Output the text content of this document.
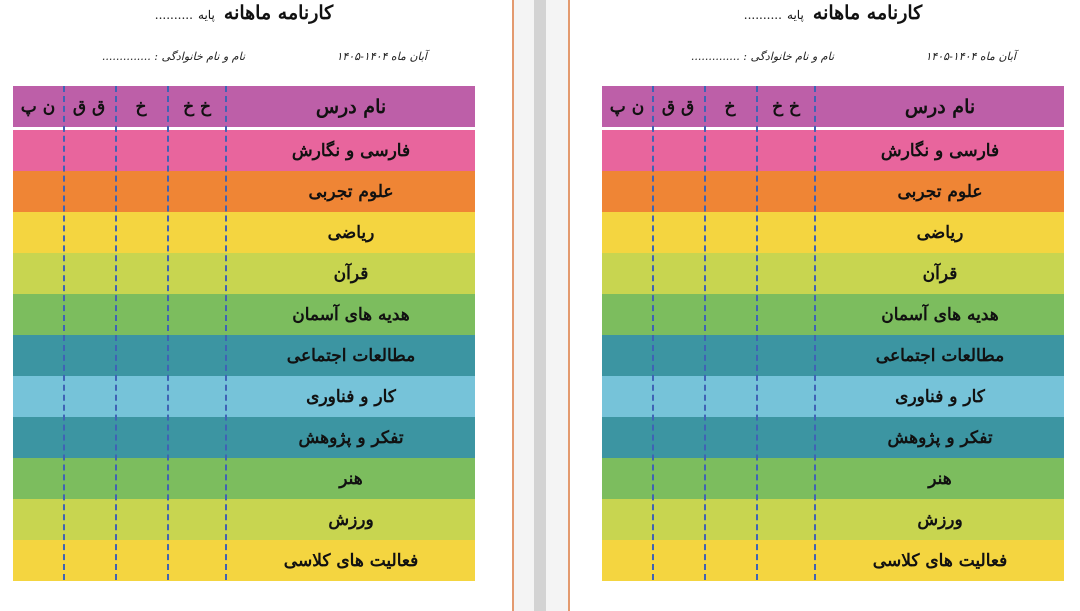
کارنامه ماهانه پایه ..........
آبان ماه ۱۴۰۴-۱۴۰۵
نام و نام خانوادگی : ..............
نام درس
خ خ
خ
ق ق
ن پ
فارسی و نگارش
علوم تجربی
ریاضی
قرآن
هدیه های آسمان
مطالعات اجتماعی
کار و فناوری
تفکر و پژوهش
هنر
ورزش
فعالیت های کلاسی
کارنامه ماهانه پایه ..........
آبان ماه ۱۴۰۴-۱۴۰۵
نام و نام خانوادگی : ..............
نام درس
خ خ
خ
ق ق
ن پ
فارسی و نگارش
علوم تجربی
ریاضی
قرآن
هدیه های آسمان
مطالعات اجتماعی
کار و فناوری
تفکر و پژوهش
هنر
ورزش
فعالیت های کلاسی
